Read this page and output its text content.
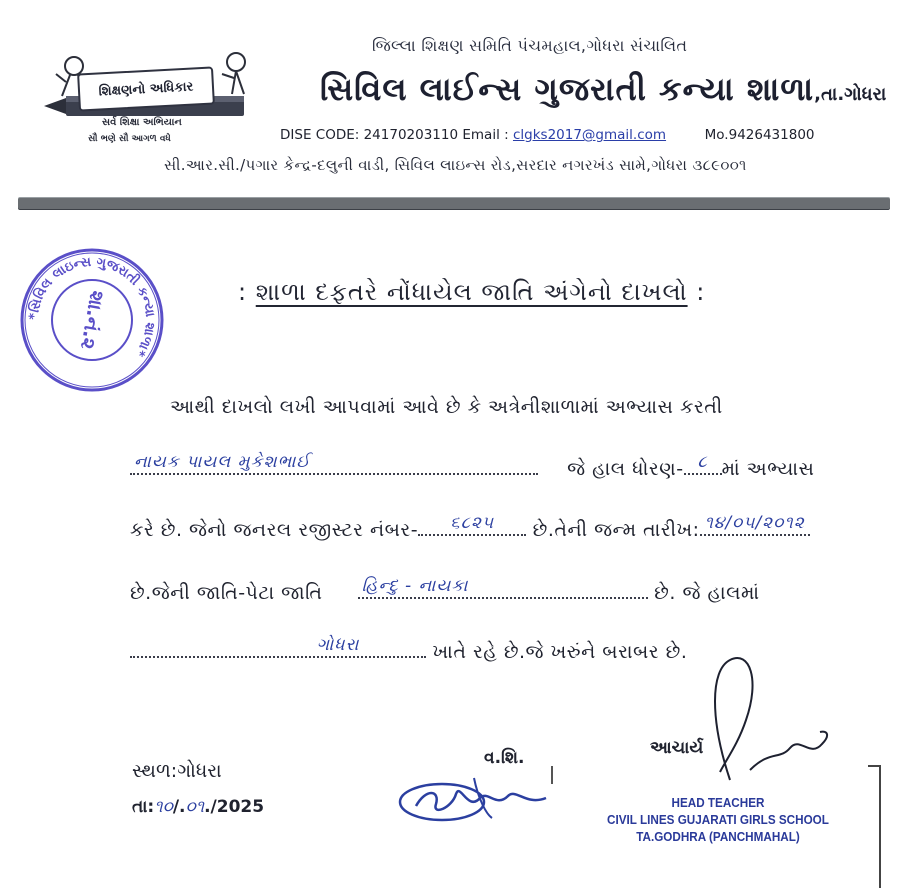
શિક્ષણનો અધિકાર
સર્વ શિક્ષા અભિયાન
સૌ ભણે સૌ આગળ વધે
જિલ્લા શિક્ષણ સમિતિ પંચમહાલ,ગોધરા સંચાલિત
સિવિલ લાઈન્સ ગુજરાતી કન્યા શાળા,તા.ગોધરા
DISE CODE: 24170203110 Email : clgks2017@gmail.com	Mo.9426431800
સી.આર.સી./પગાર કેન્દ્ર-દલુની વાડી, સિવિલ લાઇન્સ રોડ,સરદાર નગરખંડ સામે,ગોધરા ૩૮૯૦૦૧
*સિવિલ લાઇન્સ ગુજરાતી કન્યા શાળા*
શા.નં.૨	: શાળા દફતરે નોંધાયેલ જાતિ અંગેનો દાખલો :
આથી દાખલો લખી આપવામાં આવે છે કે અત્રેનીશાળામાં અભ્યાસ કરતી
નાયક પાયલ મુકેશભાઈ	જે હાલ ધોરણ- ૮ માં અભ્યાસ
કરે છે. જેનો જનરલ રજીસ્ટર નંબર-	૬૮૨૫	છે.તેની જન્મ તારીખ: ૧૪/૦૫/૨૦૧૨
છે.જેની જાતિ-પેટા જાતિ હિન્દુ - નાયકા	છે. જે હાલમાં
ગોધરા	ખાતે રહે છે.જે ખરુંને બરાબર છે.
સ્થળ:ગોધરા
તા:૧૦/.૦૧./2025
વ.શિ.	આચાર્ય
HEAD TEACHER
CIVIL LINES GUJARATI GIRLS SCHOOL
TA.GODHRA (PANCHMAHAL)
